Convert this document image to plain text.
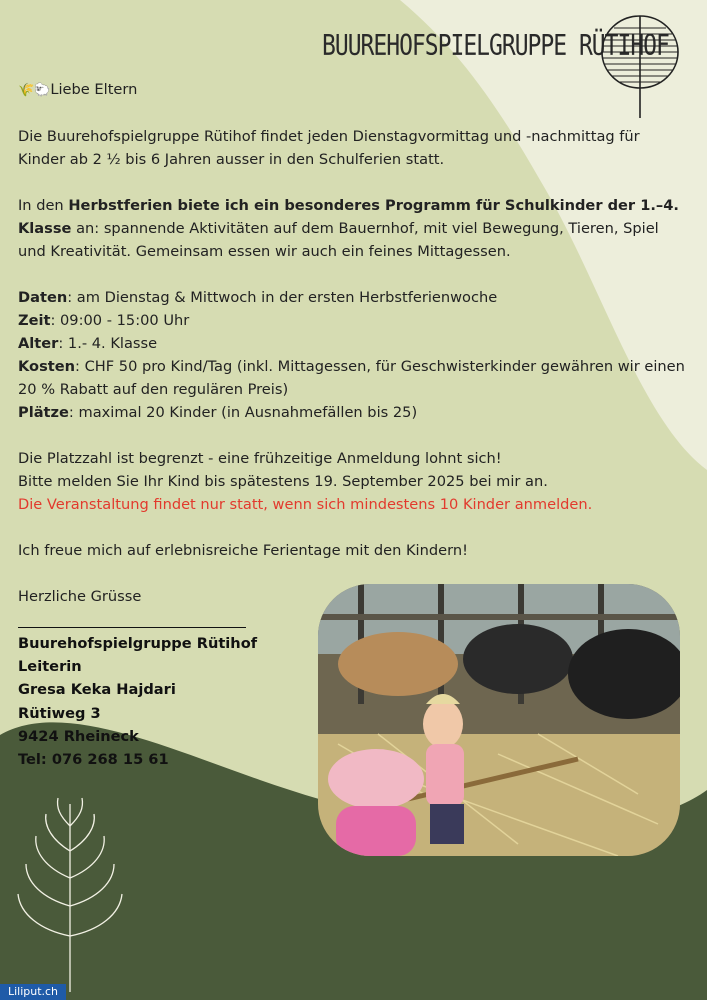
BUUREHOFSPIELGRUPPE RÜTIHOF

🌾🐑Liebe Eltern

Die Buurehofspielgruppe Rütihof findet jeden Dienstagvormittag und -nachmittag für Kinder ab 2 ½ bis 6 Jahren ausser in den Schulferien statt.

In den Herbstferien biete ich ein besonderes Programm für Schulkinder der 1.–4. Klasse an: spannende Aktivitäten auf dem Bauernhof, mit viel Bewegung, Tieren, Spiel und Kreativität. Gemeinsam essen wir auch ein feines Mittagessen.

Daten: am Dienstag & Mittwoch in der ersten Herbstferienwoche

Zeit: 09:00 - 15:00 Uhr

Alter: 1.- 4. Klasse

Kosten: CHF 50 pro Kind/Tag (inkl. Mittagessen, für Geschwisterkinder gewähren wir einen 20 % Rabatt auf den regulären Preis)

Plätze: maximal 20 Kinder (in Ausnahmefällen bis 25)

Die Platzzahl ist begrenzt - eine frühzeitige Anmeldung lohnt sich!

Bitte melden Sie Ihr Kind bis spätestens 19. September 2025 bei mir an.

Die Veranstaltung findet nur statt, wenn sich mindestens 10 Kinder anmelden.

Ich freue mich auf erlebnisreiche Ferientage mit den Kindern!

Herzliche Grüsse

Buurehofspielgruppe Rütihof
Leiterin
Gresa Keka Hajdari
Rütiweg 3
9424 Rheineck
Tel: 076 268 15 61
Liliput.ch
